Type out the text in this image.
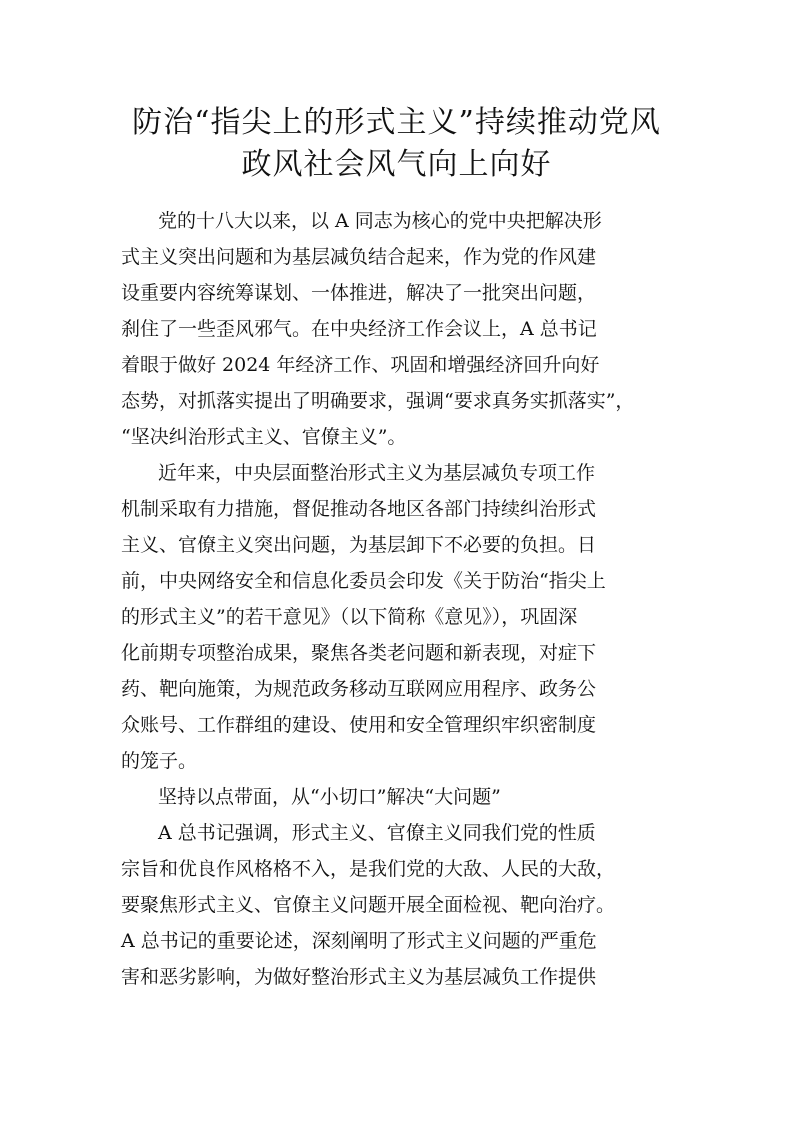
防治“指尖上的形式主义”持续推动党风
政风社会风气向上向好
党的十八大以来，以 A 同志为核心的党中央把解决形
式主义突出问题和为基层减负结合起来，作为党的作风建
设重要内容统筹谋划、一体推进，解决了一批突出问题，
刹住了一些歪风邪气。在中央经济工作会议上，A 总书记
着眼于做好 2024 年经济工作、巩固和增强经济回升向好
态势，对抓落实提出了明确要求，强调“要求真务实抓落实”，
“坚决纠治形式主义、官僚主义”。
近年来，中央层面整治形式主义为基层减负专项工作
机制采取有力措施，督促推动各地区各部门持续纠治形式
主义、官僚主义突出问题，为基层卸下不必要的负担。日
前，中央网络安全和信息化委员会印发《关于防治“指尖上
的形式主义”的若干意见》（以下简称《意见》），巩固深
化前期专项整治成果，聚焦各类老问题和新表现，对症下
药、靶向施策，为规范政务移动互联网应用程序、政务公
众账号、工作群组的建设、使用和安全管理织牢织密制度
的笼子。
坚持以点带面，从“小切口”解决“大问题”
A 总书记强调，形式主义、官僚主义同我们党的性质
宗旨和优良作风格格不入，是我们党的大敌、人民的大敌，
要聚焦形式主义、官僚主义问题开展全面检视、靶向治疗。
A 总书记的重要论述，深刻阐明了形式主义问题的严重危
害和恶劣影响，为做好整治形式主义为基层减负工作提供
